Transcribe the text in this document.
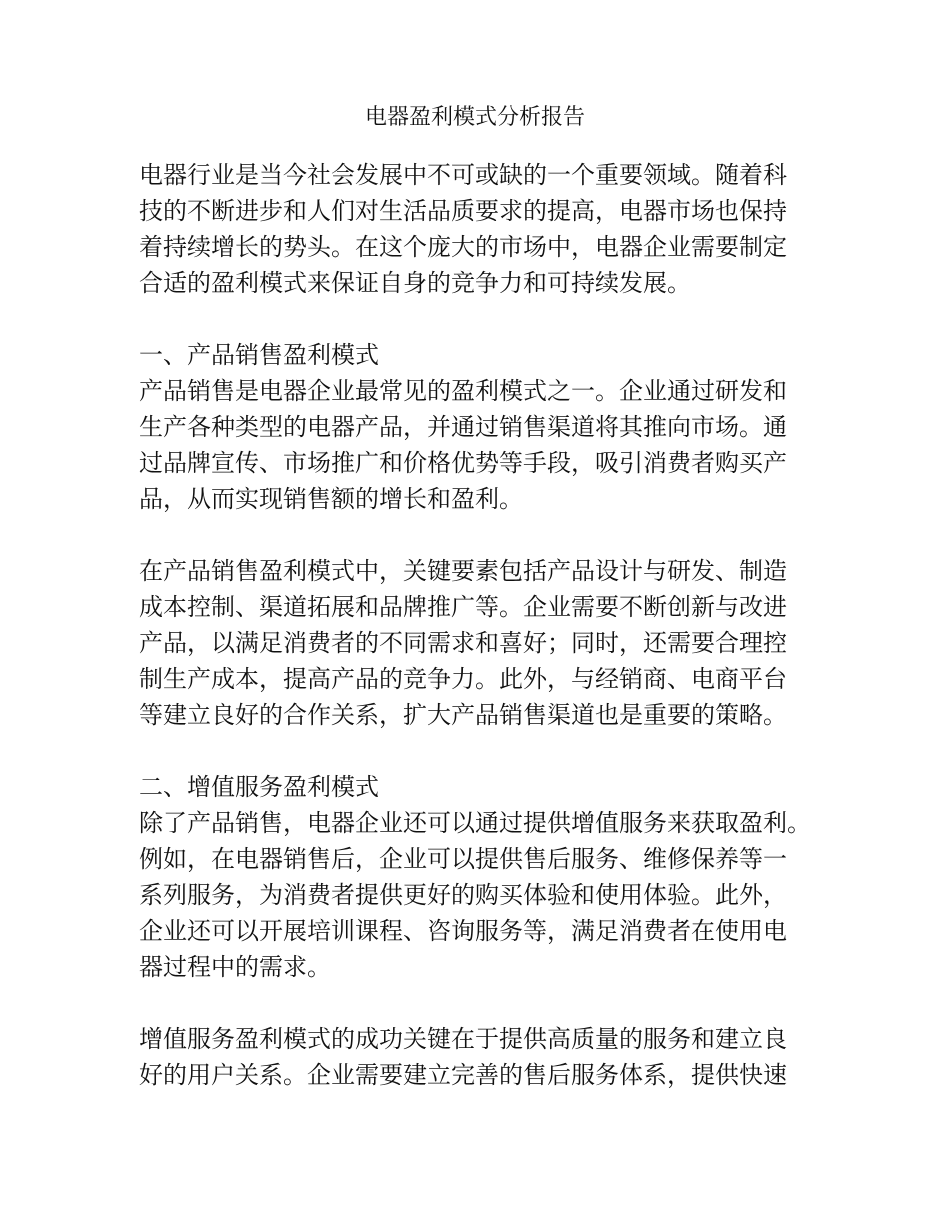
电器盈利模式分析报告
电器行业是当今社会发展中不可或缺的一个重要领域。随着科
技的不断进步和人们对生活品质要求的提高，电器市场也保持
着持续增长的势头。在这个庞大的市场中，电器企业需要制定
合适的盈利模式来保证自身的竞争力和可持续发展。
一、产品销售盈利模式
产品销售是电器企业最常见的盈利模式之一。企业通过研发和
生产各种类型的电器产品，并通过销售渠道将其推向市场。通
过品牌宣传、市场推广和价格优势等手段，吸引消费者购买产
品，从而实现销售额的增长和盈利。
在产品销售盈利模式中，关键要素包括产品设计与研发、制造
成本控制、渠道拓展和品牌推广等。企业需要不断创新与改进
产品，以满足消费者的不同需求和喜好；同时，还需要合理控
制生产成本，提高产品的竞争力。此外，与经销商、电商平台
等建立良好的合作关系，扩大产品销售渠道也是重要的策略。
二、增值服务盈利模式
除了产品销售，电器企业还可以通过提供增值服务来获取盈利。
例如，在电器销售后，企业可以提供售后服务、维修保养等一
系列服务，为消费者提供更好的购买体验和使用体验。此外，
企业还可以开展培训课程、咨询服务等，满足消费者在使用电
器过程中的需求。
增值服务盈利模式的成功关键在于提供高质量的服务和建立良
好的用户关系。企业需要建立完善的售后服务体系，提供快速
